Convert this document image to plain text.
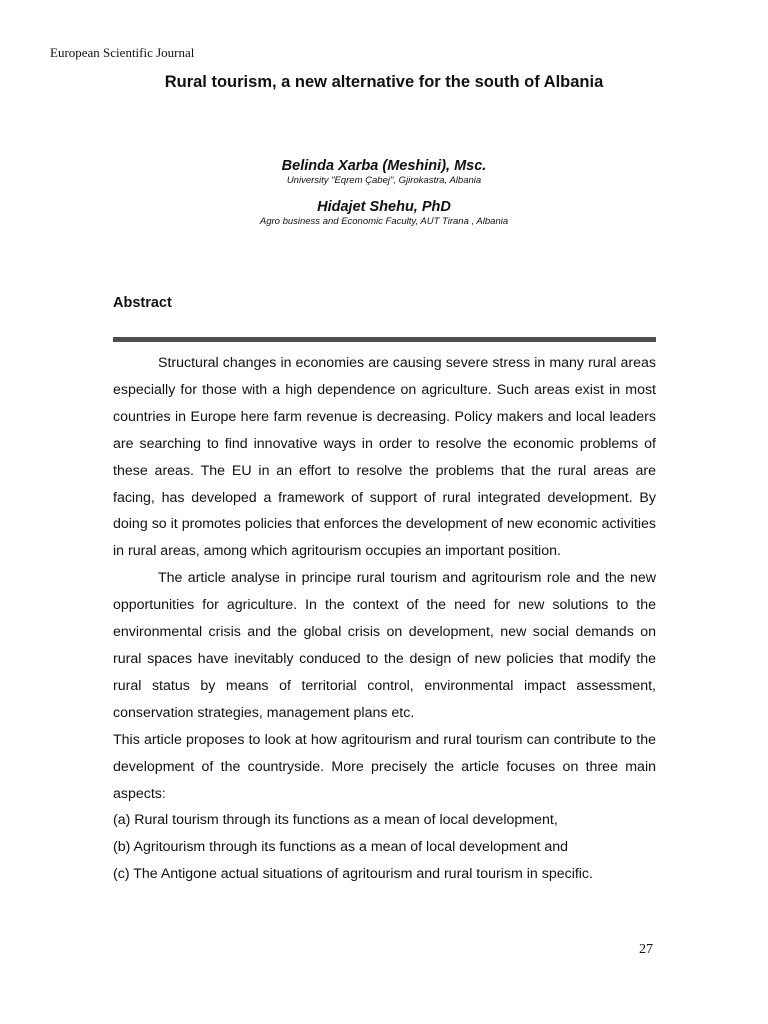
European Scientific Journal
Rural tourism, a new alternative for the south of Albania
Belinda Xarba (Meshini), Msc.
University "Eqrem Çabej", Gjirokastra, Albania
Hidajet Shehu, PhD
Agro business and Economic Faculty, AUT Tirana , Albania
Abstract

Structural changes in economies are causing severe stress in many rural areas especially for those with a high dependence on agriculture. Such areas exist in most countries in Europe here farm revenue is decreasing. Policy makers and local leaders are searching to find innovative ways in order to resolve the economic problems of these areas. The EU in an effort to resolve the problems that the rural areas are facing, has developed a framework of support of rural integrated development. By doing so it promotes policies that enforces the development of new economic activities in rural areas, among which agritourism occupies an important position.

The article analyse in principe rural tourism and agritourism role and the new opportunities for agriculture. In the context of the need for new solutions to the environmental crisis and the global crisis on development, new social demands on rural spaces have inevitably conduced to the design of new policies that modify the rural status by means of territorial control, environmental impact assessment, conservation strategies, management plans etc.

This article proposes to look at how agritourism and rural tourism can contribute to the development of the countryside. More precisely the article focuses on three main aspects:

(a) Rural tourism through its functions as a mean of local development,

(b) Agritourism through its functions as a mean of local development and

(c) The Antigone actual situations of agritourism and rural tourism in specific.

27
